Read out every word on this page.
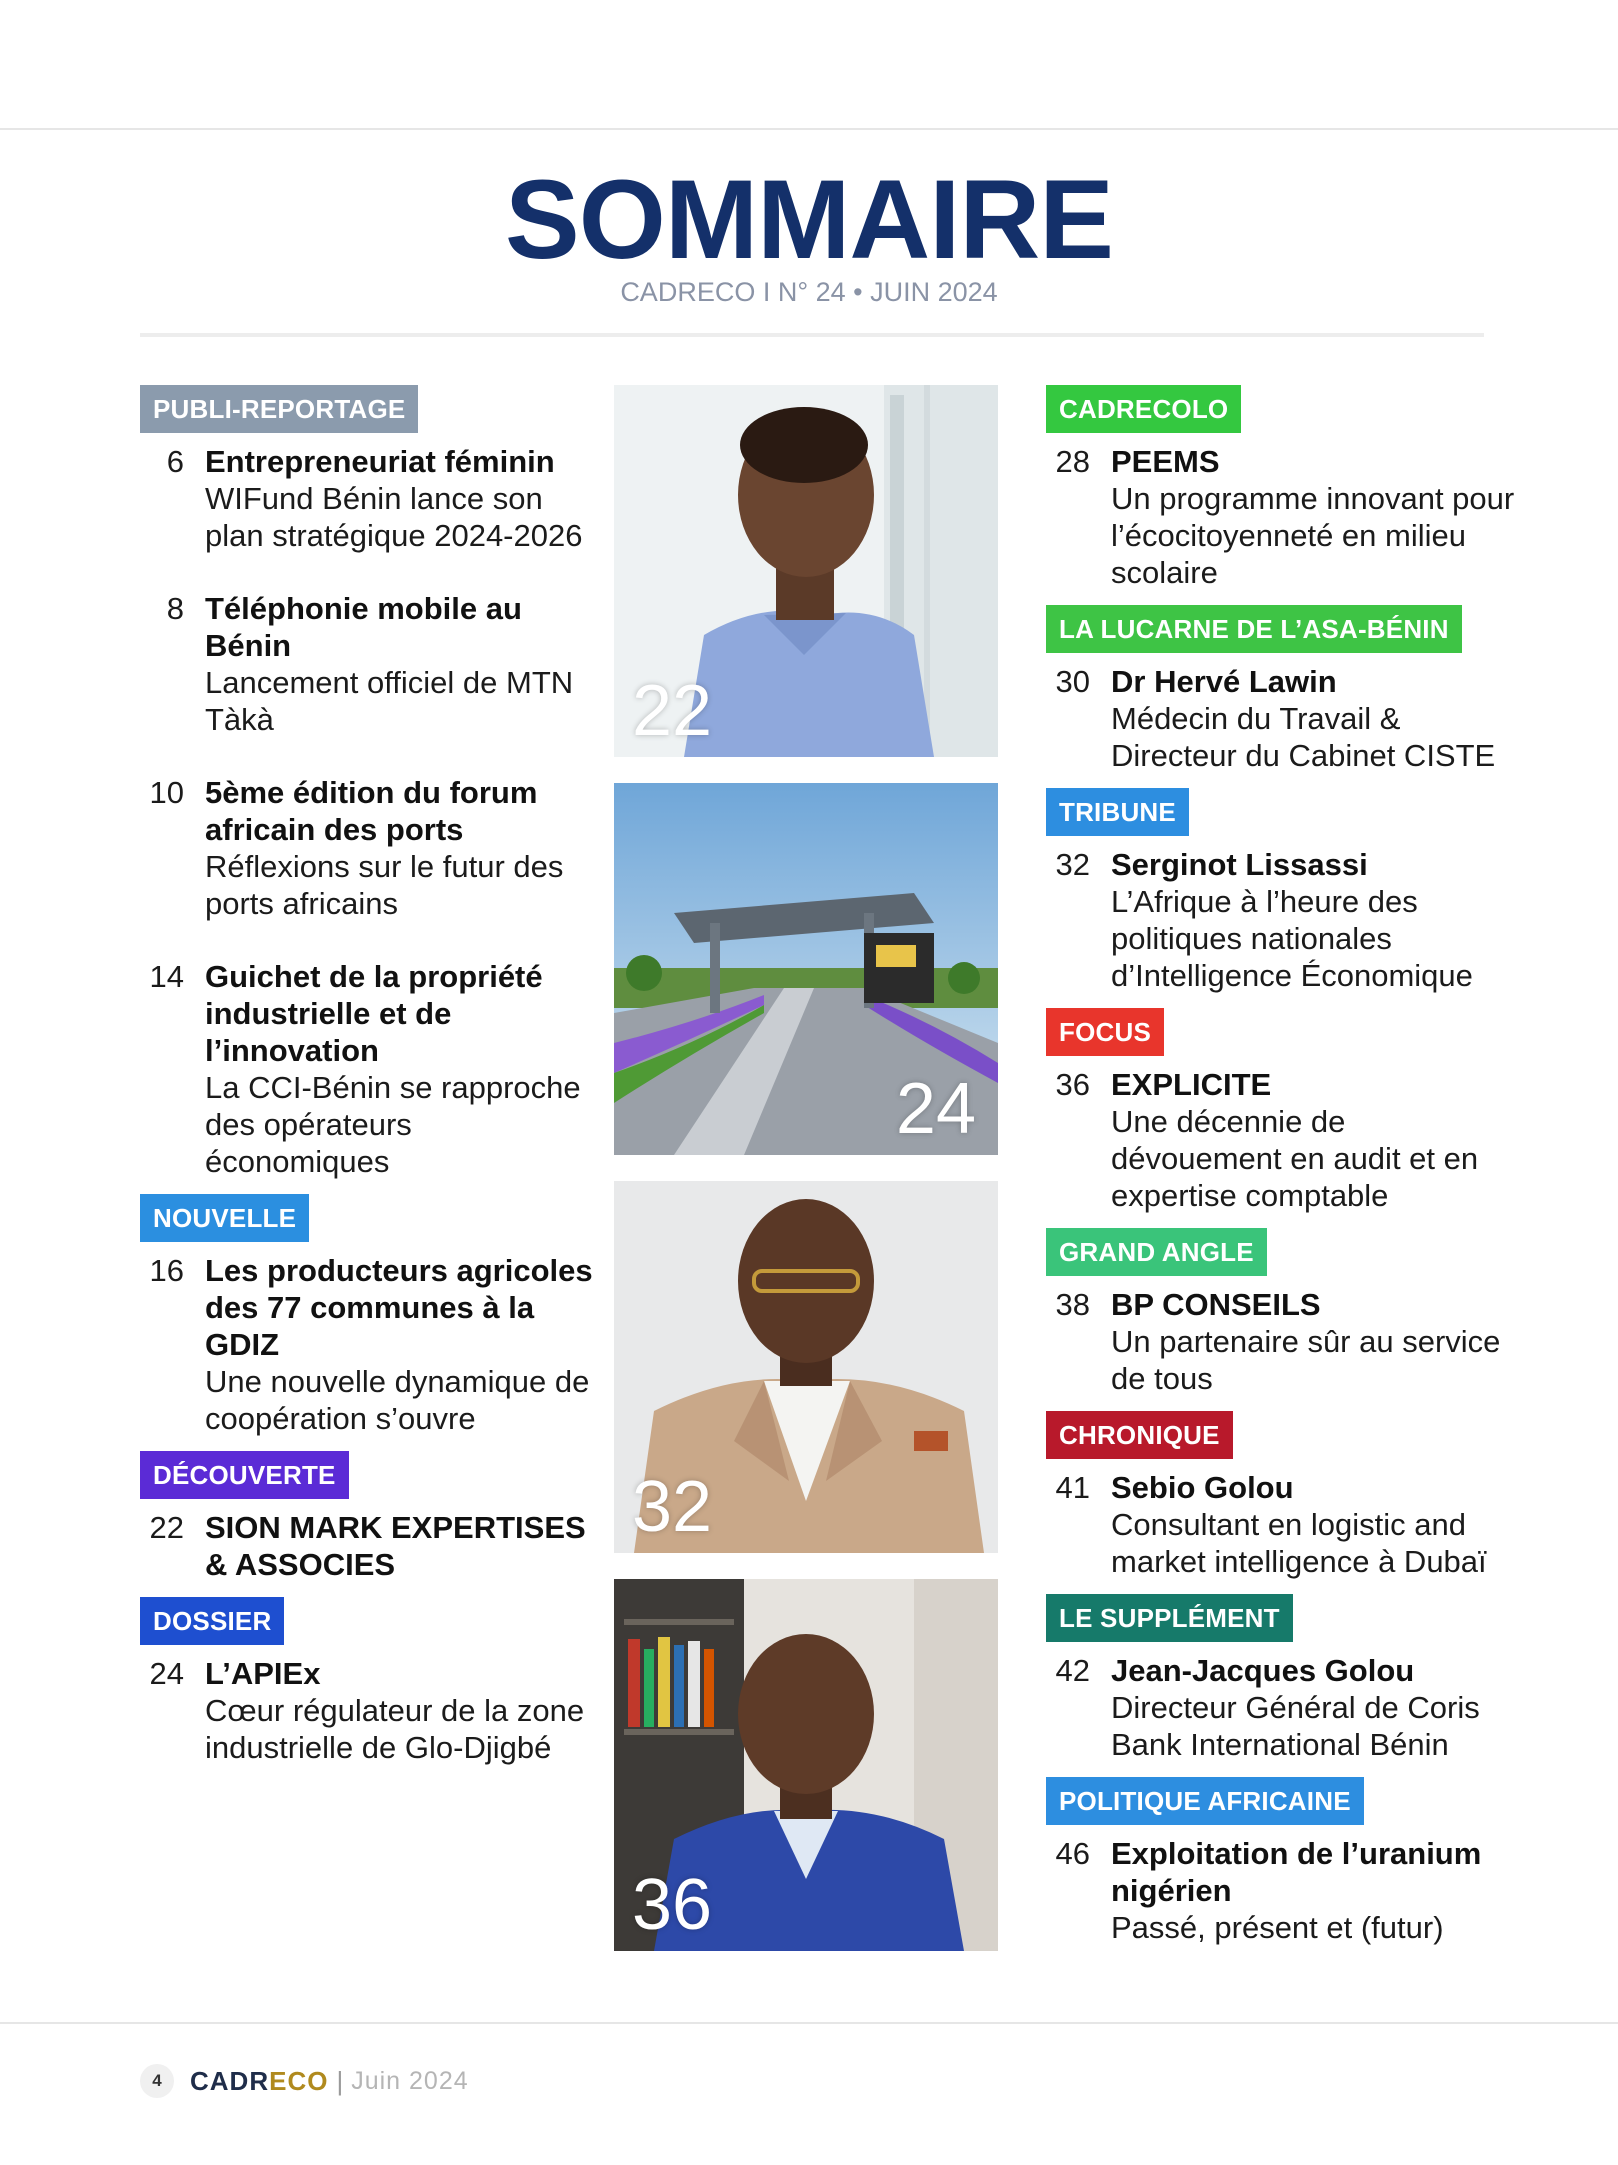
SOMMAIRE
CADRECO I N° 24 • JUIN 2024
PUBLI-REPORTAGE
6 Entrepreneuriat féminin
WIFund Bénin lance son plan stratégique 2024-2026
8 Téléphonie mobile au Bénin
Lancement officiel de MTN Tàkà
10 5ème édition du forum africain des ports
Réflexions sur le futur des ports africains
14 Guichet de la propriété industrielle et de l’innovation
La CCI-Bénin se rapproche des opérateurs économiques
NOUVELLE
16 Les producteurs agricoles des 77 communes à la GDIZ
Une nouvelle dynamique de coopération s’ouvre
DÉCOUVERTE
22 SION MARK EXPERTISES & ASSOCIES
DOSSIER
24 L’APIEx
Cœur régulateur de la zone industrielle de Glo-Djigbé
CADRECOLO
28 PEEMS
Un programme innovant pour l’écocitoyenneté en milieu scolaire
LA LUCARNE DE L’ASA-BÉNIN
30 Dr Hervé Lawin
Médecin du Travail & Directeur du Cabinet CISTE
TRIBUNE
32 Serginot Lissassi
L’Afrique à l’heure des politiques nationales d’Intelligence Économique
FOCUS
36 EXPLICITE
Une décennie de dévouement en audit et en expertise comptable
GRAND ANGLE
38 BP CONSEILS
Un partenaire sûr au service de tous
CHRONIQUE
41 Sebio Golou
Consultant en logistic and market intelligence à Dubaï
LE SUPPLÉMENT
42 Jean-Jacques Golou
Directeur Général de Coris Bank International Bénin
POLITIQUE AFRICAINE
46 Exploitation de l’uranium nigérien
Passé, présent et (futur)
22
24
32
36
4	CADRECO | Juin 2024
